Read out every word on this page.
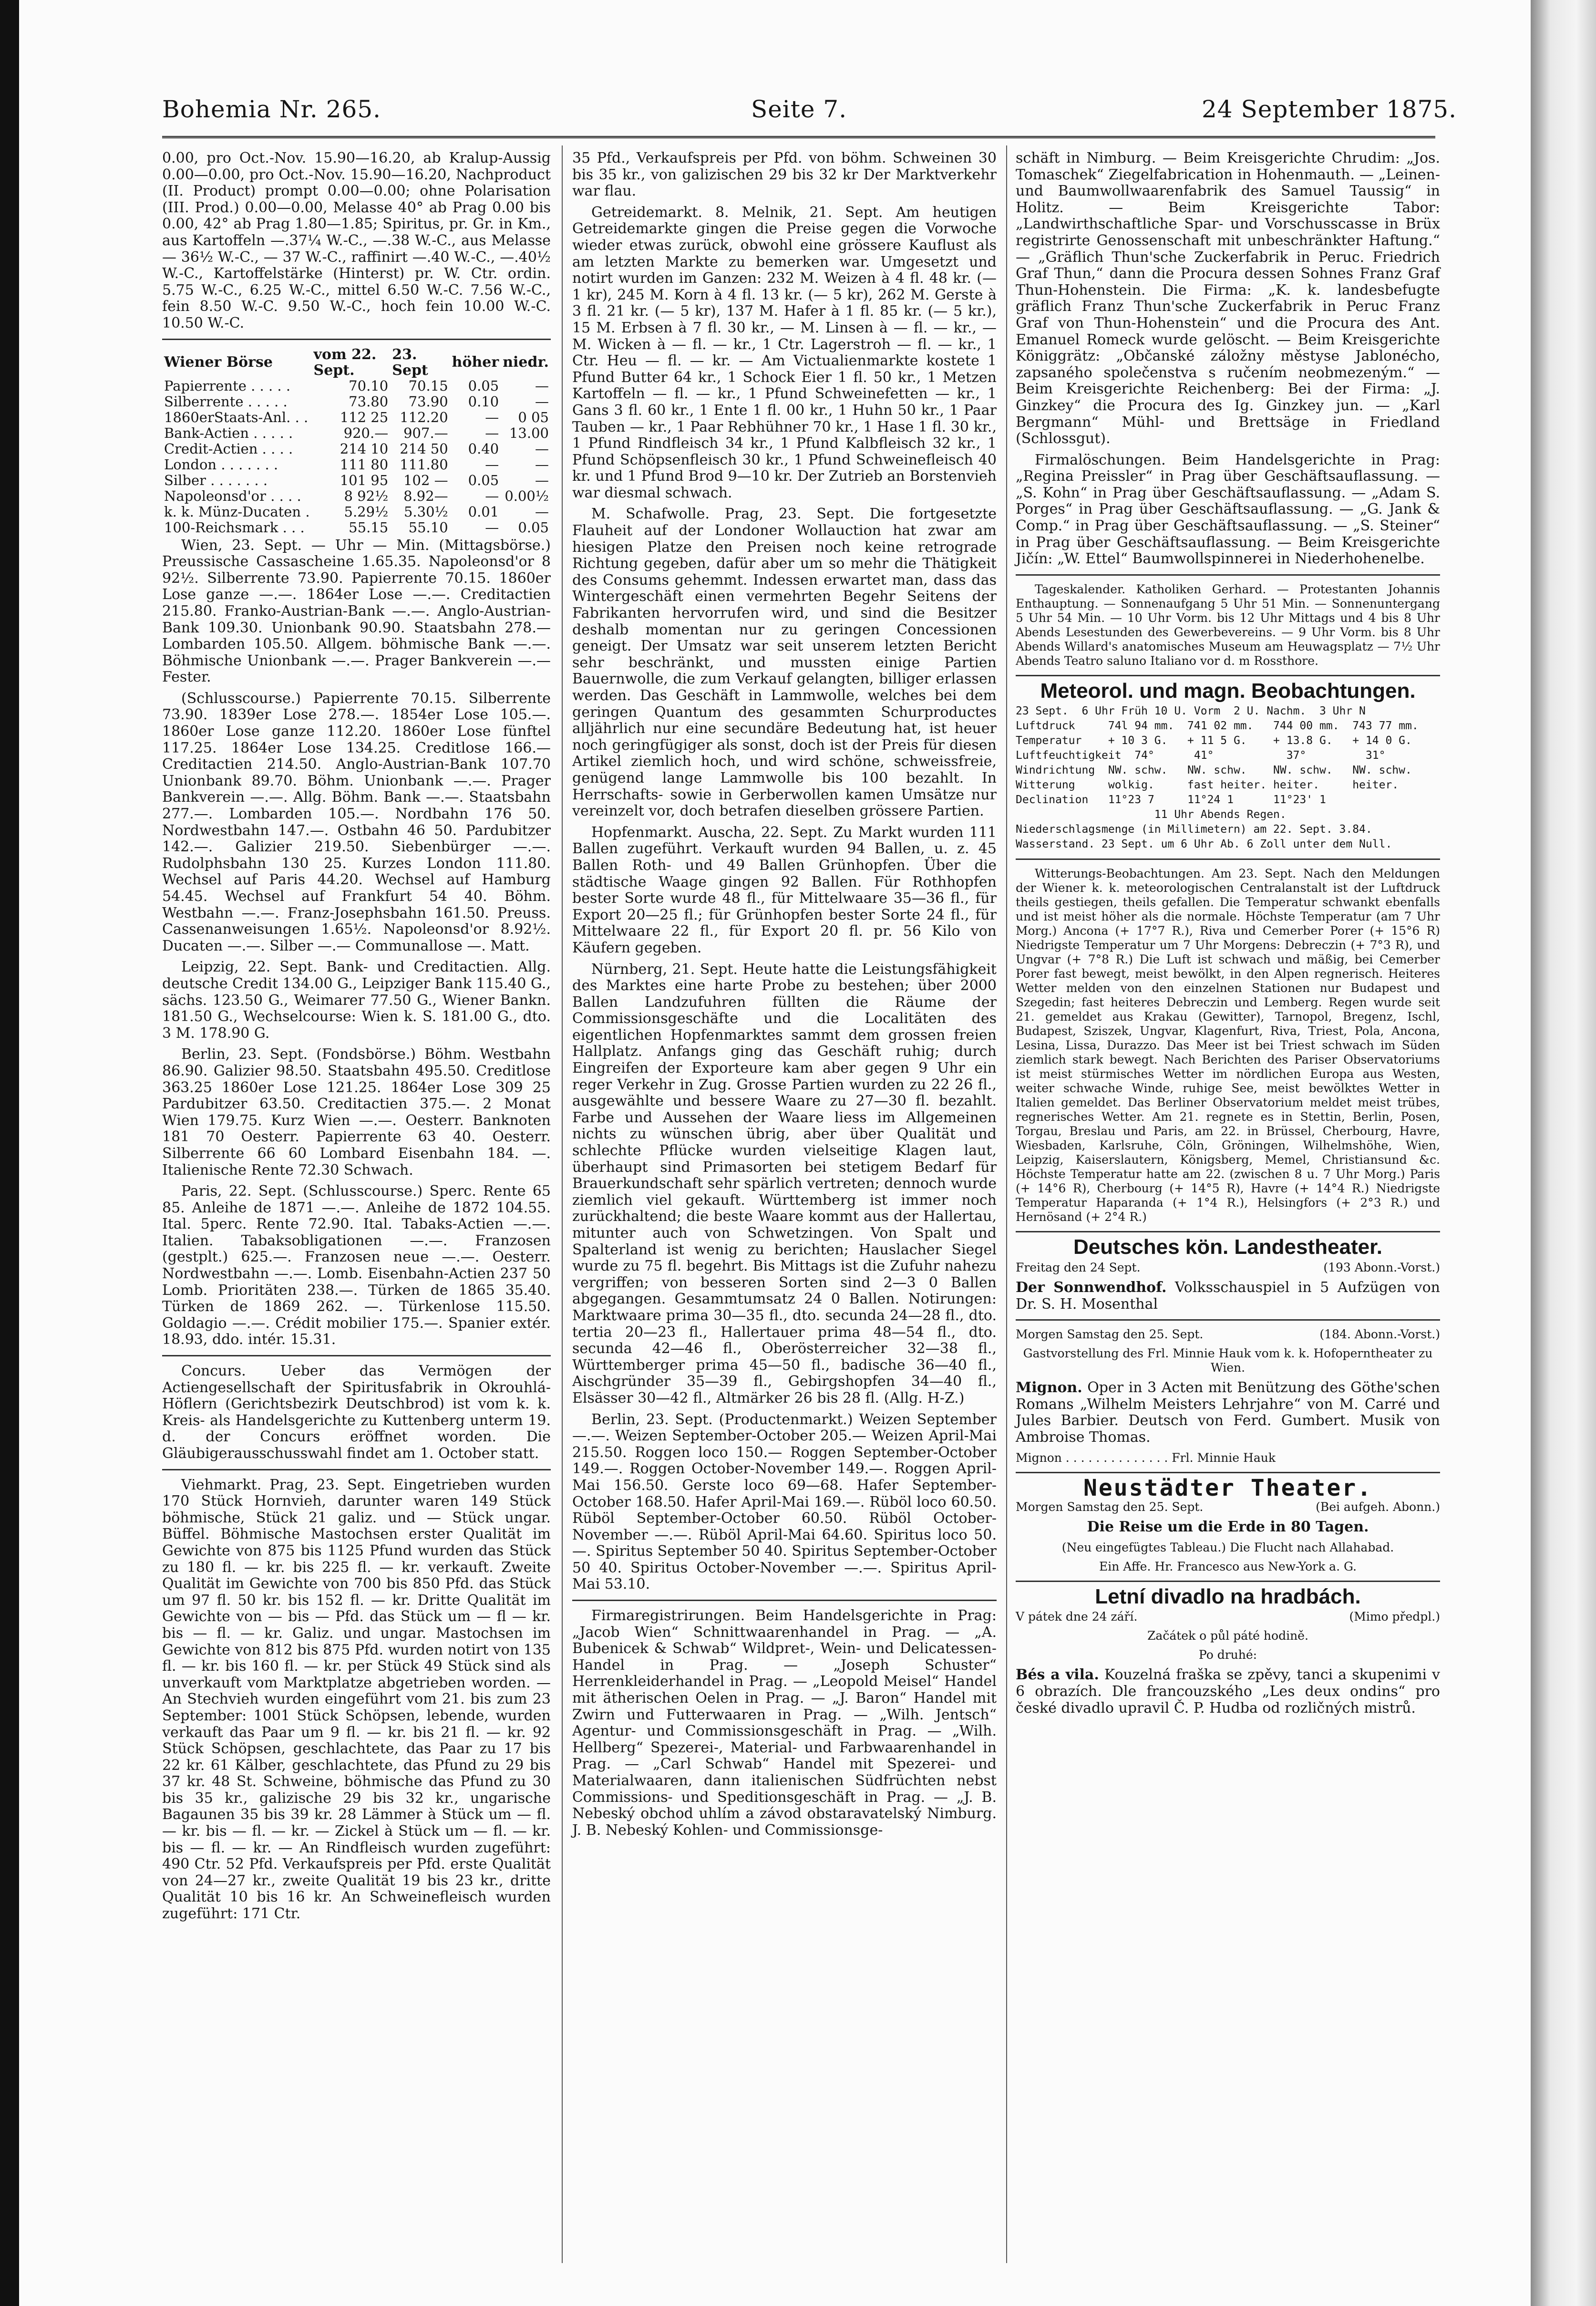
Bohemia Nr. 265.	Seite 7.	24 September 1875.

0.00, pro Oct.-Nov. 15.90—16.20, ab Kralup-Aussig 0.00—0.00, pro Oct.-Nov. 15.90—16.20, Nachproduct (II. Product) prompt 0.00—0.00; ohne Polarisation (III. Prod.) 0.00—0.00, Melasse 40° ab Prag 0.00 bis 0.00, 42° ab Prag 1.80—1.85; Spiritus, pr. Gr. in Km., aus Kartoffeln —.37¼ W.-C., —.38 W.-C., aus Melasse — 36½ W.-C., — 37 W.-C., raffinirt —.40 W.-C., —.40½ W.-C., Kartoffelstärke (Hinterst) pr. W. Ctr. ordin. 5.75 W.-C., 6.25 W.-C., mittel 6.50 W.-C. 7.56 W.-C., fein 8.50 W.-C. 9.50 W.-C., hoch fein 10.00 W.-C. 10.50 W.-C.

Wiener Börse	vom 22. Sept.	23. Sept	höher	niedr.
Papierrente . . . . .	70.10	70.15	0.05	—
Silberrente . . . . .	73.80	73.90	0.10	—
1860erStaats-Anl. . .	112 25	112.20	—	0 05
Bank-Actien . . . . .	920.—	907.—	—	13.00
Credit-Actien . . . .	214 10	214 50	0.40	—
London . . . . . . .	111 80	111.80	—	—
Silber . . . . . . .	101 95	102 —	0.05	—
Napoleonsd'or . . . .	8 92½	8.92—	—	0.00½
k. k. Münz-Ducaten .	5.29½	5.30½	0.01	—
100-Reichsmark . . .	55.15	55.10	—	0.05

Wien, 23. Sept. — Uhr — Min. (Mittagsbörse.) Preussische Cassascheine 1.65.35. Napoleonsd'or 8 92½. Silberrente 73.90. Papierrente 70.15. 1860er Lose ganze —.—. 1864er Lose —.—. Creditactien 215.80. Franko-Austrian-Bank —.—. Anglo-Austrian-Bank 109.30. Unionbank 90.90. Staatsbahn 278.— Lombarden 105.50. Allgem. böhmische Bank —.—. Böhmische Unionbank —.—. Prager Bankverein —.— Fester.

(Schlusscourse.) Papierrente 70.15. Silberrente 73.90. 1839er Lose 278.—. 1854er Lose 105.—. 1860er Lose ganze 112.20. 1860er Lose fünftel 117.25. 1864er Lose 134.25. Creditlose 166.— Creditactien 214.50. Anglo-Austrian-Bank 107.70 Unionbank 89.70. Böhm. Unionbank —.—. Prager Bankverein —.—. Allg. Böhm. Bank —.—. Staatsbahn 277.—. Lombarden 105.—. Nordbahn 176 50. Nordwestbahn 147.—. Ostbahn 46 50. Pardubitzer 142.—. Galizier 219.50. Siebenbürger —.—. Rudolphsbahn 130 25. Kurzes London 111.80. Wechsel auf Paris 44.20. Wechsel auf Hamburg 54.45. Wechsel auf Frankfurt 54 40. Böhm. Westbahn —.—. Franz-Josephsbahn 161.50. Preuss. Cassenanweisungen 1.65½. Napoleonsd'or 8.92½. Ducaten —.—. Silber —.— Communallose —. Matt.

Leipzig, 22. Sept. Bank- und Creditactien. Allg. deutsche Credit 134.00 G., Leipziger Bank 115.40 G., sächs. 123.50 G., Weimarer 77.50 G., Wiener Bankn. 181.50 G., Wechselcourse: Wien k. S. 181.00 G., dto. 3 M. 178.90 G.

Berlin, 23. Sept. (Fondsbörse.) Böhm. Westbahn 86.90. Galizier 98.50. Staatsbahn 495.50. Creditlose 363.25 1860er Lose 121.25. 1864er Lose 309 25 Pardubitzer 63.50. Creditactien 375.—. 2 Monat Wien 179.75. Kurz Wien —.—. Oesterr. Banknoten 181 70 Oesterr. Papierrente 63 40. Oesterr. Silberrente 66 60 Lombard Eisenbahn 184. —. Italienische Rente 72.30 Schwach.

Paris, 22. Sept. (Schlusscourse.) Sperc. Rente 65 85. Anleihe de 1871 —.—. Anleihe de 1872 104.55. Ital. 5perc. Rente 72.90. Ital. Tabaks-Actien —.—. Italien. Tabaksobligationen —.—. Franzosen (gestplt.) 625.—. Franzosen neue —.—. Oesterr. Nordwestbahn —.—. Lomb. Eisenbahn-Actien 237 50 Lomb. Prioritäten 238.—. Türken de 1865 35.40. Türken de 1869 262. —. Türkenlose 115.50. Goldagio —.—. Crédit mobilier 175.—. Spanier extér. 18.93, ddo. intér. 15.31.

Concurs. Ueber das Vermögen der Actiengesellschaft der Spiritusfabrik in Okrouhlá-Höflern (Gerichtsbezirk Deutschbrod) ist vom k. k. Kreis- als Handelsgerichte zu Kuttenberg unterm 19. d. der Concurs eröffnet worden. Die Gläubigerausschusswahl findet am 1. October statt.

Viehmarkt. Prag, 23. Sept. Eingetrieben wurden 170 Stück Hornvieh, darunter waren 149 Stück böhmische, Stück 21 galiz. und — Stück ungar. Büffel. Böhmische Mastochsen erster Qualität im Gewichte von 875 bis 1125 Pfund wurden das Stück zu 180 fl. — kr. bis 225 fl. — kr. verkauft. Zweite Qualität im Gewichte von 700 bis 850 Pfd. das Stück um 97 fl. 50 kr. bis 152 fl. — kr. Dritte Qualität im Gewichte von — bis — Pfd. das Stück um — fl — kr. bis — fl. — kr. Galiz. und ungar. Mastochsen im Gewichte von 812 bis 875 Pfd. wurden notirt von 135 fl. — kr. bis 160 fl. — kr. per Stück 49 Stück sind als unverkauft vom Marktplatze abgetrieben worden. — An Stechvieh wurden eingeführt vom 21. bis zum 23 September: 1001 Stück Schöpsen, lebende, wurden verkauft das Paar um 9 fl. — kr. bis 21 fl. — kr. 92 Stück Schöpsen, geschlachtete, das Paar zu 17 bis 22 kr. 61 Kälber, geschlachtete, das Pfund zu 29 bis 37 kr. 48 St. Schweine, böhmische das Pfund zu 30 bis 35 kr., galizische 29 bis 32 kr., ungarische Bagaunen 35 bis 39 kr. 28 Lämmer à Stück um — fl. — kr. bis — fl. — kr. — Zickel à Stück um — fl. — kr. bis — fl. — kr. — An Rindfleisch wurden zugeführt: 490 Ctr. 52 Pfd. Verkaufspreis per Pfd. erste Qualität von 24—27 kr., zweite Qualität 19 bis 23 kr., dritte Qualität 10 bis 16 kr. An Schweinefleisch wurden zugeführt: 171 Ctr.

35 Pfd., Verkaufspreis per Pfd. von böhm. Schweinen 30 bis 35 kr., von galizischen 29 bis 32 kr Der Marktverkehr war flau.

Getreidemarkt. 8. Melnik, 21. Sept. Am heutigen Getreidemarkte gingen die Preise gegen die Vorwoche wieder etwas zurück, obwohl eine grössere Kauflust als am letzten Markte zu bemerken war. Umgesetzt und notirt wurden im Ganzen: 232 M. Weizen à 4 fl. 48 kr. (— 1 kr), 245 M. Korn à 4 fl. 13 kr. (— 5 kr), 262 M. Gerste à 3 fl. 21 kr. (— 5 kr), 137 M. Hafer à 1 fl. 85 kr. (— 5 kr.), 15 M. Erbsen à 7 fl. 30 kr., — M. Linsen à — fl. — kr., — M. Wicken à — fl. — kr., 1 Ctr. Lagerstroh — fl. — kr., 1 Ctr. Heu — fl. — kr. — Am Victualienmarkte kostete 1 Pfund Butter 64 kr., 1 Schock Eier 1 fl. 50 kr., 1 Metzen Kartoffeln — fl. — kr., 1 Pfund Schweinefetten — kr., 1 Gans 3 fl. 60 kr., 1 Ente 1 fl. 00 kr., 1 Huhn 50 kr., 1 Paar Tauben — kr., 1 Paar Rebhühner 70 kr., 1 Hase 1 fl. 30 kr., 1 Pfund Rindfleisch 34 kr., 1 Pfund Kalbfleisch 32 kr., 1 Pfund Schöpsenfleisch 30 kr., 1 Pfund Schweinefleisch 40 kr. und 1 Pfund Brod 9—10 kr. Der Zutrieb an Borstenvieh war diesmal schwach.

M. Schafwolle. Prag, 23. Sept. Die fortgesetzte Flauheit auf der Londoner Wollauction hat zwar am hiesigen Platze den Preisen noch keine retrograde Richtung gegeben, dafür aber um so mehr die Thätigkeit des Consums gehemmt. Indessen erwartet man, dass das Wintergeschäft einen vermehrten Begehr Seitens der Fabrikanten hervorrufen wird, und sind die Besitzer deshalb momentan nur zu geringen Concessionen geneigt. Der Umsatz war seit unserem letzten Bericht sehr beschränkt, und mussten einige Partien Bauernwolle, die zum Verkauf gelangten, billiger erlassen werden. Das Geschäft in Lammwolle, welches bei dem geringen Quantum des gesammten Schurproductes alljährlich nur eine secundäre Bedeutung hat, ist heuer noch geringfügiger als sonst, doch ist der Preis für diesen Artikel ziemlich hoch, und wird schöne, schweissfreie, genügend lange Lammwolle bis 100 bezahlt. In Herrschafts- sowie in Gerberwollen kamen Umsätze nur vereinzelt vor, doch betrafen dieselben grössere Partien.

Hopfenmarkt. Auscha, 22. Sept. Zu Markt wurden 111 Ballen zugeführt. Verkauft wurden 94 Ballen, u. z. 45 Ballen Roth- und 49 Ballen Grünhopfen. Über die städtische Waage gingen 92 Ballen. Für Rothhopfen bester Sorte wurde 48 fl., für Mittelwaare 35—36 fl., für Export 20—25 fl.; für Grünhopfen bester Sorte 24 fl., für Mittelwaare 22 fl., für Export 20 fl. pr. 56 Kilo von Käufern gegeben.

Nürnberg, 21. Sept. Heute hatte die Leistungsfähigkeit des Marktes eine harte Probe zu bestehen; über 2000 Ballen Landzufuhren füllten die Räume der Commissionsgeschäfte und die Localitäten des eigentlichen Hopfenmarktes sammt dem grossen freien Hallplatz. Anfangs ging das Geschäft ruhig; durch Eingreifen der Exporteure kam aber gegen 9 Uhr ein reger Verkehr in Zug. Grosse Partien wurden zu 22 26 fl., ausgewählte und bessere Waare zu 27—30 fl. bezahlt. Farbe und Aussehen der Waare liess im Allgemeinen nichts zu wünschen übrig, aber über Qualität und schlechte Pflücke wurden vielseitige Klagen laut, überhaupt sind Primasorten bei stetigem Bedarf für Brauerkundschaft sehr spärlich vertreten; dennoch wurde ziemlich viel gekauft. Württemberg ist immer noch zurückhaltend; die beste Waare kommt aus der Hallertau, mitunter auch von Schwetzingen. Von Spalt und Spalterland ist wenig zu berichten; Hauslacher Siegel wurde zu 75 fl. begehrt. Bis Mittags ist die Zufuhr nahezu vergriffen; von besseren Sorten sind 2—3 0 Ballen abgegangen. Gesammtumsatz 24 0 Ballen. Notirungen: Marktwaare prima 30—35 fl., dto. secunda 24—28 fl., dto. tertia 20—23 fl., Hallertauer prima 48—54 fl., dto. secunda 42—46 fl., Oberösterreicher 32—38 fl., Württemberger prima 45—50 fl., badische 36—40 fl., Aischgründer 35—39 fl., Gebirgshopfen 34—40 fl., Elsässer 30—42 fl., Altmärker 26 bis 28 fl. (Allg. H-Z.)

Berlin, 23. Sept. (Productenmarkt.) Weizen September —.—. Weizen September-October 205.— Weizen April-Mai 215.50. Roggen loco 150.— Roggen September-October 149.—. Roggen October-November 149.—. Roggen April-Mai 156.50. Gerste loco 69—68. Hafer September-October 168.50. Hafer April-Mai 169.—. Rüböl loco 60.50. Rüböl September-October 60.50. Rüböl October-November —.—. Rüböl April-Mai 64.60. Spiritus loco 50.—. Spiritus September 50 40. Spiritus September-October 50 40. Spiritus October-November —.—. Spiritus April-Mai 53.10.

Firmaregistrirungen. Beim Handelsgerichte in Prag: „Jacob Wien“ Schnittwaarenhandel in Prag. — „A. Bubenicek & Schwab“ Wildpret-, Wein- und Delicatessen-Handel in Prag. — „Joseph Schuster“ Herrenkleiderhandel in Prag. — „Leopold Meisel“ Handel mit ätherischen Oelen in Prag. — „J. Baron“ Handel mit Zwirn und Futterwaaren in Prag. — „Wilh. Jentsch“ Agentur- und Commissionsgeschäft in Prag. — „Wilh. Hellberg“ Spezerei-, Material- und Farbwaarenhandel in Prag. — „Carl Schwab“ Handel mit Spezerei- und Materialwaaren, dann italienischen Südfrüchten nebst Commissions- und Speditionsgeschäft in Prag. — „J. B. Nebeský obchod uhlím a závod obstaravatelský Nimburg. J. B. Nebeský Kohlen- und Commissionsge-

schäft in Nimburg. — Beim Kreisgerichte Chrudim: „Jos. Tomaschek“ Ziegelfabrication in Hohenmauth. — „Leinen- und Baumwollwaarenfabrik des Samuel Taussig“ in Holitz. — Beim Kreisgerichte Tabor: „Landwirthschaftliche Spar- und Vorschusscasse in Brüx registrirte Genossenschaft mit unbeschränkter Haftung.“ — „Gräflich Thun'sche Zuckerfabrik in Peruc. Friedrich Graf Thun,“ dann die Procura dessen Sohnes Franz Graf Thun-Hohenstein. Die Firma: „K. k. landesbefugte gräflich Franz Thun'sche Zuckerfabrik in Peruc Franz Graf von Thun-Hohenstein“ und die Procura des Ant. Emanuel Romeck wurde gelöscht. — Beim Kreisgerichte Königgrätz: „Občanské záložny městyse Jablonécho, zapsaného společenstva s ručením neobmezeným.“ — Beim Kreisgerichte Reichenberg: Bei der Firma: „J. Ginzkey“ die Procura des Ig. Ginzkey jun. — „Karl Bergmann“ Mühl- und Brettsäge in Friedland (Schlossgut).

Firmalöschungen. Beim Handelsgerichte in Prag: „Regina Preissler“ in Prag über Geschäftsauflassung. — „S. Kohn“ in Prag über Geschäftsauflassung. — „Adam S. Porges“ in Prag über Geschäftsauflassung. — „G. Jank & Comp.“ in Prag über Geschäftsauflassung. — „S. Steiner“ in Prag über Geschäftsauflassung. — Beim Kreisgerichte Jičín: „W. Ettel“ Baumwollspinnerei in Niederhohenelbe.

Tageskalender. Katholiken Gerhard. — Protestanten Johannis Enthauptung. — Sonnenaufgang 5 Uhr 51 Min. — Sonnenuntergang 5 Uhr 54 Min. — 10 Uhr Vorm. bis 12 Uhr Mittags und 4 bis 8 Uhr Abends Lesestunden des Gewerbevereins. — 9 Uhr Vorm. bis 8 Uhr Abends Willard's anatomisches Museum am Heuwagsplatz — 7½ Uhr Abends Teatro saluno Italiano vor d. m Rossthore.

Meteorol. und magn. Beobachtungen.
23 Sept.  6 Uhr Früh 10 U. Vorm  2 U. Nachm.  3 Uhr N
Luftdruck     74l 94 mm.  741 02 mm.   744 00 mm.  743 77 mm.
Temperatur    + 10 3 G.   + 11 5 G.    + 13.8 G.   + 14 0 G.
Luftfeuchtigkeit  74°      41°           37°         31°
Windrichtung  NW. schw.   NW. schw.    NW. schw.   NW. schw.
Witterung     wolkig.     fast heiter. heiter.     heiter.
Declination   11°23 7     11°24 1      11°23' 1
11 Uhr Abends Regen.
Niederschlagsmenge (in Millimetern) am 22. Sept. 3.84.
Wasserstand. 23 Sept. um 6 Uhr Ab. 6 Zoll unter dem Null.

Witterungs-Beobachtungen. Am 23. Sept. Nach den Meldungen der Wiener k. k. meteorologischen Centralanstalt ist der Luftdruck theils gestiegen, theils gefallen. Die Temperatur schwankt ebenfalls und ist meist höher als die normale. Höchste Temperatur (am 7 Uhr Morg.) Ancona (+ 17°7 R.), Riva und Cemerber Porer (+ 15°6 R) Niedrigste Temperatur um 7 Uhr Morgens: Debreczin (+ 7°3 R), und Ungvar (+ 7°8 R.) Die Luft ist schwach und mäßig, bei Cemerber Porer fast bewegt, meist bewölkt, in den Alpen regnerisch. Heiteres Wetter melden von den einzelnen Stationen nur Budapest und Szegedin; fast heiteres Debreczin und Lemberg. Regen wurde seit 21. gemeldet aus Krakau (Gewitter), Tarnopol, Bregenz, Ischl, Budapest, Sziszek, Ungvar, Klagenfurt, Riva, Triest, Pola, Ancona, Lesina, Lissa, Durazzo. Das Meer ist bei Triest schwach im Süden ziemlich stark bewegt. Nach Berichten des Pariser Observatoriums ist meist stürmisches Wetter im nördlichen Europa aus Westen, weiter schwache Winde, ruhige See, meist bewölktes Wetter in Italien gemeldet. Das Berliner Observatorium meldet meist trübes, regnerisches Wetter. Am 21. regnete es in Stettin, Berlin, Posen, Torgau, Breslau und Paris, am 22. in Brüssel, Cherbourg, Havre, Wiesbaden, Karlsruhe, Cöln, Gröningen, Wilhelmshöhe, Wien, Leipzig, Kaiserslautern, Königsberg, Memel, Christiansund &c. Höchste Temperatur hatte am 22. (zwischen 8 u. 7 Uhr Morg.) Paris (+ 14°6 R), Cherbourg (+ 14°5 R), Havre (+ 14°4 R.) Niedrigste Temperatur Haparanda (+ 1°4 R.), Helsingfors (+ 2°3 R.) und Hernösand (+ 2°4 R.)

Deutsches kön. Landestheater.

Freitag den 24 Sept.	(193 Abonn.-Vorst.)

Der Sonnwendhof. Volksschauspiel in 5 Aufzügen von Dr. S. H. Mosenthal

Morgen Samstag den 25. Sept.	(184. Abonn.-Vorst.)

Gastvorstellung des Frl. Minnie Hauk vom k. k. Hofoperntheater zu Wien.

Mignon. Oper in 3 Acten mit Benützung des Göthe'schen Romans „Wilhelm Meisters Lehrjahre“ von M. Carré und Jules Barbier. Deutsch von Ferd. Gumbert. Musik von Ambroise Thomas.

Mignon . . . . . . . . . . . . . . Frl. Minnie Hauk

Neustädter Theater.

Morgen Samstag den 25. Sept.	(Bei aufgeh. Abonn.)

Die Reise um die Erde in 80 Tagen.

(Neu eingefügtes Tableau.) Die Flucht nach Allahabad.

Ein Affe. Hr. Francesco aus New-York a. G.

Letní divadlo na hradbách.

V pátek dne 24 září.	(Mimo předpl.)

Začátek o půl páté hodině.

Po druhé:

Bés a vila. Kouzelná fraška se zpěvy, tanci a skupenimi v 6 obrazích. Dle francouzského „Les deux ondins“ pro české divadlo upravil Č. P. Hudba od rozličných mistrů.
